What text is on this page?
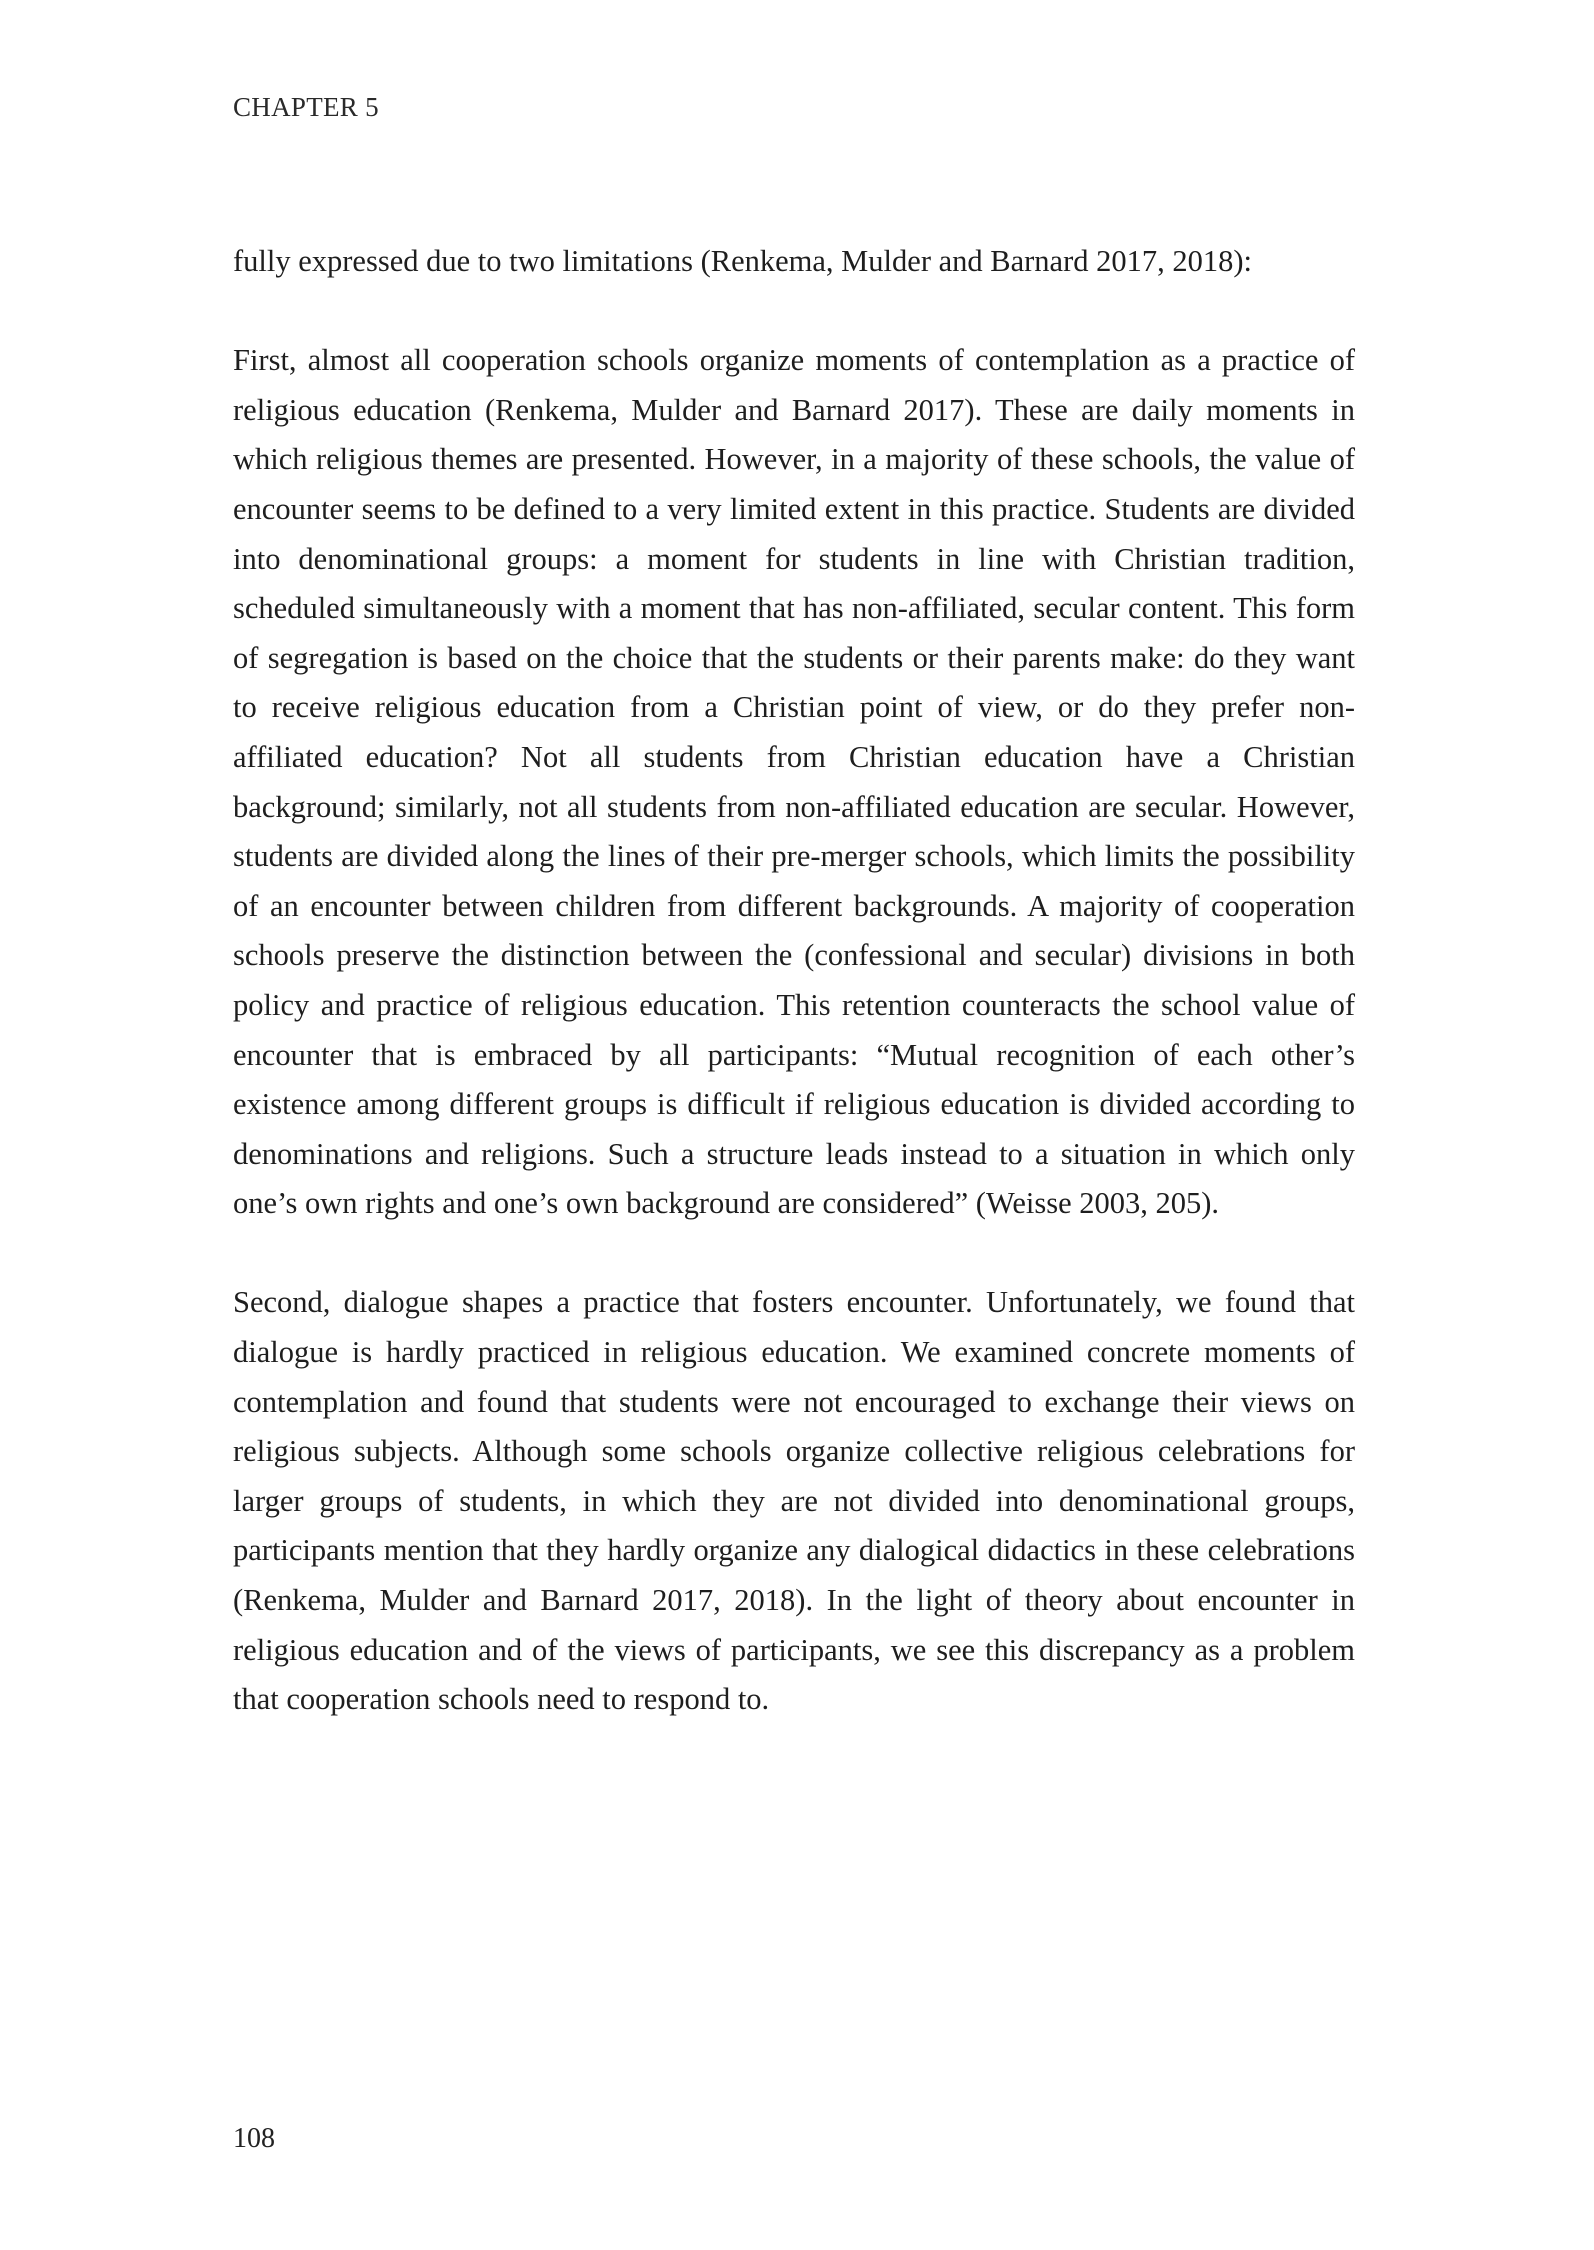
CHAPTER 5

fully expressed due to two limitations (Renkema, Mulder and Barnard 2017, 2018):

First, almost all cooperation schools organize moments of contemplation as a practice of religious education (Renkema, Mulder and Barnard 2017). These are daily moments in which religious themes are presented. However, in a majority of these schools, the value of encounter seems to be defined to a very limited extent in this practice. Students are divided into denominational groups: a moment for students in line with Christian tradition, scheduled simultaneously with a moment that has non-affiliated, secular content. This form of segregation is based on the choice that the students or their parents make: do they want to receive religious education from a Christian point of view, or do they prefer non-affiliated education? Not all students from Christian education have a Christian background; similarly, not all students from non-affiliated education are secular. However, students are divided along the lines of their pre-merger schools, which limits the possibility of an encounter between children from different backgrounds. A majority of cooperation schools preserve the distinction between the (confessional and secular) divisions in both policy and practice of religious education. This retention counteracts the school value of encounter that is embraced by all participants: “Mutual recognition of each other’s existence among different groups is difficult if religious education is divided according to denominations and religions. Such a structure leads instead to a situation in which only one’s own rights and one’s own background are considered” (Weisse 2003, 205).

Second, dialogue shapes a practice that fosters encounter. Unfortunately, we found that dialogue is hardly practiced in religious education. We examined concrete moments of contemplation and found that students were not encouraged to exchange their views on religious subjects. Although some schools organize collective religious celebrations for larger groups of students, in which they are not divided into denominational groups, participants mention that they hardly organize any dialogical didactics in these celebrations (Renkema, Mulder and Barnard 2017, 2018). In the light of theory about encounter in religious education and of the views of participants, we see this discrepancy as a problem that cooperation schools need to respond to.

108
